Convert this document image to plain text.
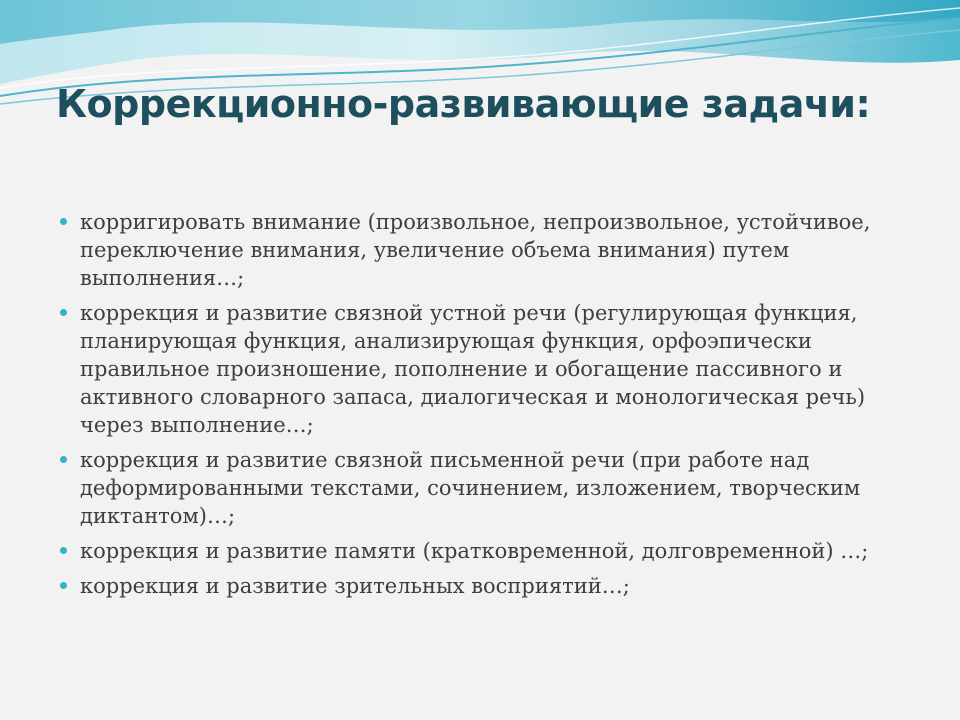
Коррекционно-развивающие задачи:
корригировать внимание (произвольное, непроизвольное, устойчивое, переключение внимания, увеличение объема внимания) путем выполнения…;
коррекция и развитие связной устной речи (регулирующая функция, планирующая функция, анализирующая функция, орфоэпически правильное произношение, пополнение и обогащение пассивного и активного словарного запаса, диалогическая и монологическая речь) через выполнение…;
коррекция и развитие связной письменной речи (при работе над деформированными текстами, сочинением, изложением, творческим диктантом)…;
коррекция и развитие памяти (кратковременной, долговременной) …;
коррекция и развитие зрительных восприятий…;
